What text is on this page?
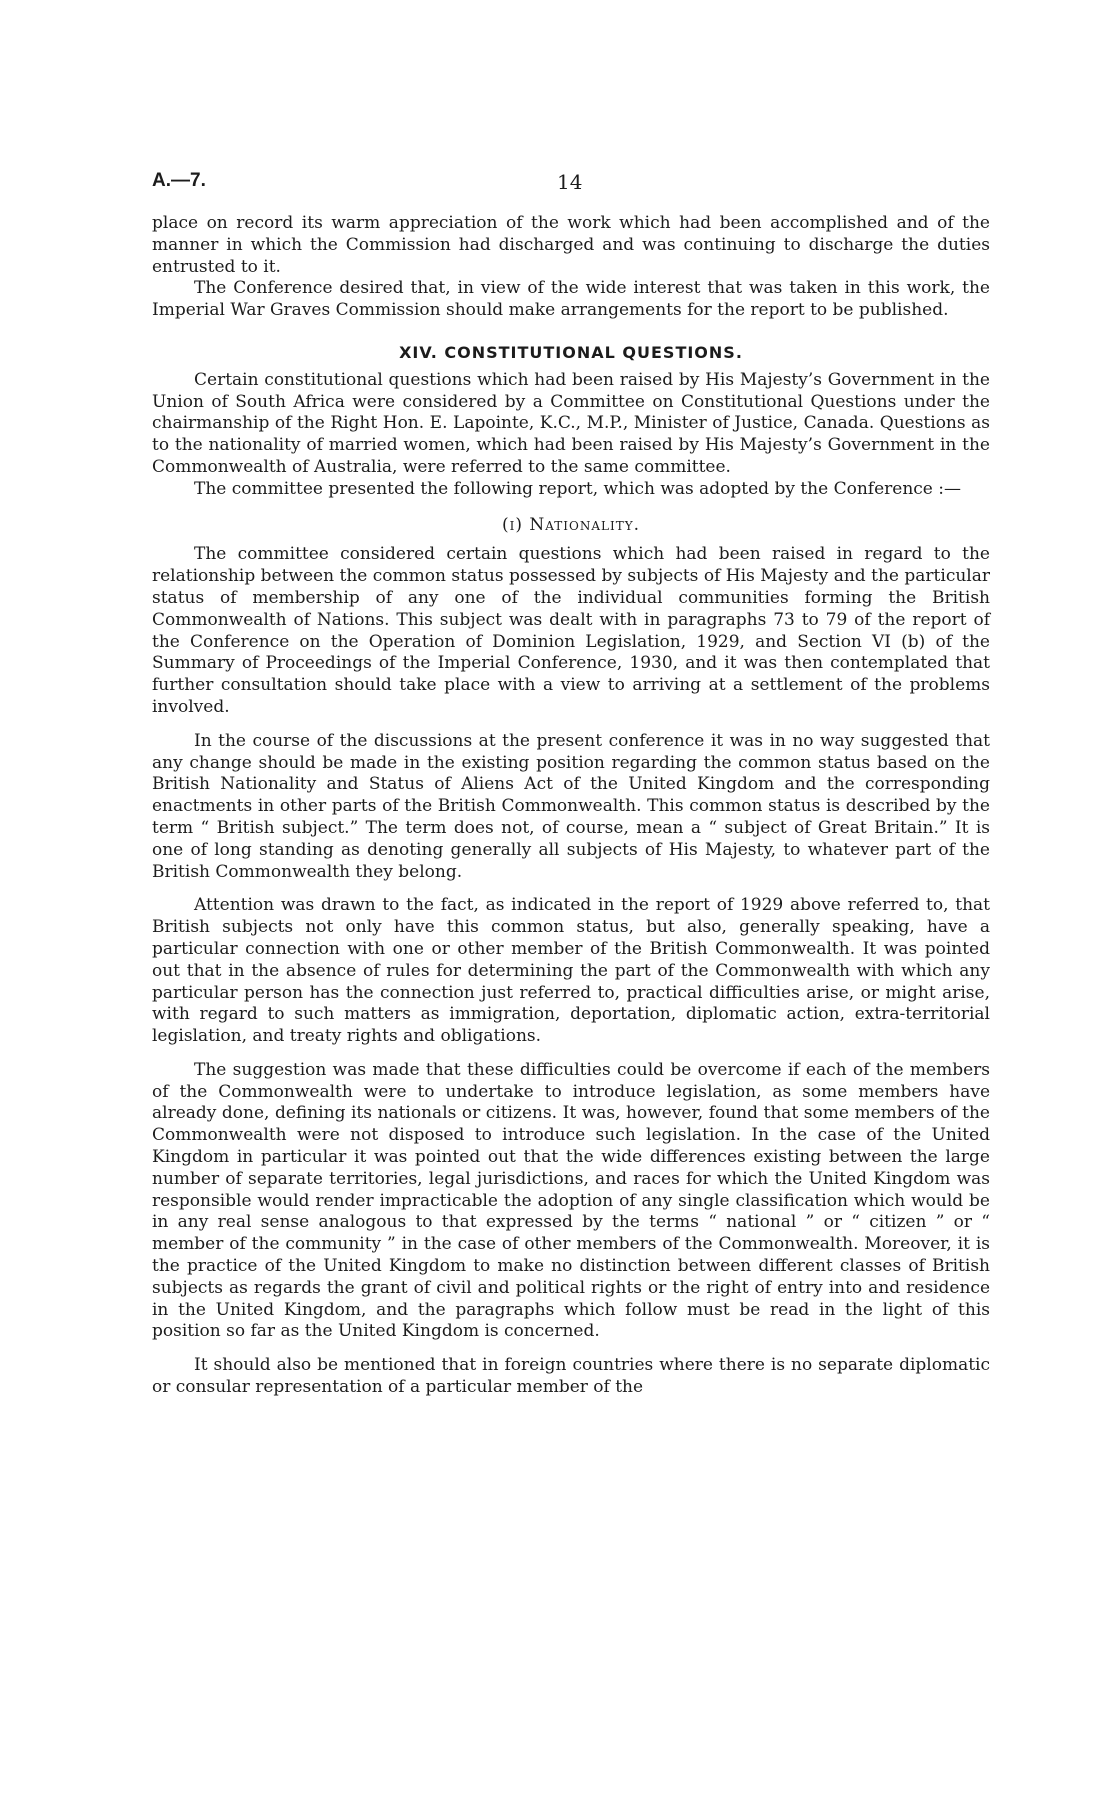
A.—7.	14

place on record its warm appreciation of the work which had been accomplished and of the manner in which the Commission had discharged and was continuing to discharge the duties entrusted to it.

The Conference desired that, in view of the wide interest that was taken in this work, the Imperial War Graves Commission should make arrangements for the report to be published.

XIV. CONSTITUTIONAL QUESTIONS.

Certain constitutional questions which had been raised by His Majesty’s Government in the Union of South Africa were considered by a Committee on Constitutional Questions under the chairmanship of the Right Hon. E. Lapointe, K.C., M.P., Minister of Justice, Canada. Questions as to the nationality of married women, which had been raised by His Majesty’s Government in the Commonwealth of Australia, were referred to the same committee.

The committee presented the following report, which was adopted by the Conference :—

(i) Nationality.

The committee considered certain questions which had been raised in regard to the relationship between the common status possessed by subjects of His Majesty and the particular status of membership of any one of the individual communities forming the British Commonwealth of Nations. This subject was dealt with in paragraphs 73 to 79 of the report of the Conference on the Operation of Dominion Legislation, 1929, and Section VI (b) of the Summary of Proceedings of the Imperial Conference, 1930, and it was then contemplated that further consultation should take place with a view to arriving at a settlement of the problems involved.

In the course of the discussions at the present conference it was in no way suggested that any change should be made in the existing position regarding the common status based on the British Nationality and Status of Aliens Act of the United Kingdom and the corresponding enactments in other parts of the British Commonwealth. This common status is described by the term “ British subject.” The term does not, of course, mean a “ subject of Great Britain.” It is one of long standing as denoting generally all subjects of His Majesty, to whatever part of the British Commonwealth they belong.

Attention was drawn to the fact, as indicated in the report of 1929 above referred to, that British subjects not only have this common status, but also, generally speaking, have a particular connection with one or other member of the British Commonwealth. It was pointed out that in the absence of rules for determining the part of the Commonwealth with which any particular person has the connection just referred to, practical difficulties arise, or might arise, with regard to such matters as immigration, deportation, diplomatic action, extra-territorial legislation, and treaty rights and obligations.

The suggestion was made that these difficulties could be overcome if each of the members of the Commonwealth were to undertake to introduce legislation, as some members have already done, defining its nationals or citizens. It was, however, found that some members of the Commonwealth were not disposed to introduce such legislation. In the case of the United Kingdom in particular it was pointed out that the wide differences existing between the large number of separate territories, legal jurisdictions, and races for which the United Kingdom was responsible would render impracticable the adoption of any single classification which would be in any real sense analogous to that expressed by the terms “ national ” or “ citizen ” or “ member of the community ” in the case of other members of the Commonwealth. Moreover, it is the practice of the United Kingdom to make no distinction between different classes of British subjects as regards the grant of civil and political rights or the right of entry into and residence in the United Kingdom, and the paragraphs which follow must be read in the light of this position so far as the United Kingdom is concerned.

It should also be mentioned that in foreign countries where there is no separate diplomatic or consular representation of a particular member of the
